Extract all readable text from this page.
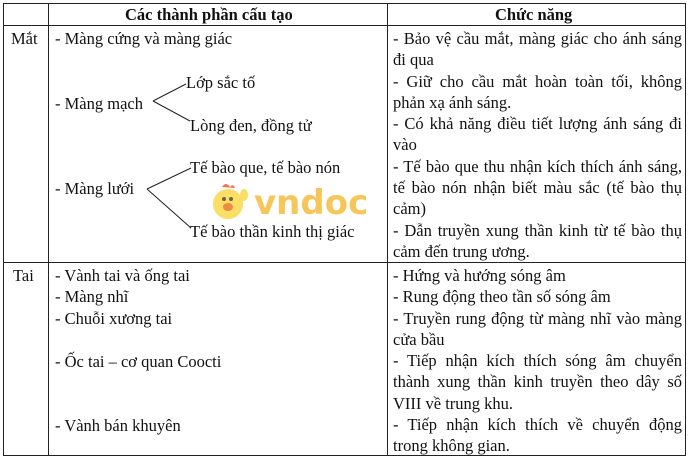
Các thành phần cấu tạo	Chức năng
Mắt - Màng cứng và màng giác
- Màng mạch
Lớp sắc tố
Lòng đen, đồng tử
- Màng lưới
Tế bào que, tế bào nón
Tế bào thần kinh thị giác
vndoc

- Bảo vệ cầu mắt, màng giác cho ánh sáng đi qua

- Giữ cho cầu mắt hoàn toàn tối, không phản xạ ánh sáng.

- Có khả năng điều tiết lượng ánh sáng đi vào

- Tế bào que thu nhận kích thích ánh sáng, tế bào nón nhận biết màu sắc (tế bào thụ cảm)

- Dẫn truyền xung thần kinh từ tế bào thụ cảm đến trung ương.

Tai - Vành tai và ống tai
- Màng nhĩ
- Chuỗi xương tai
- Ốc tai – cơ quan Coocti
- Vành bán khuyên

- Hứng và hướng sóng âm

- Rung động theo tần số sóng âm

- Truyền rung động từ màng nhĩ vào màng cửa bầu

- Tiếp nhận kích thích sóng âm chuyển thành xung thần kinh truyền theo dây số VIII về trung khu.

- Tiếp nhận kích thích về chuyển động trong không gian.
